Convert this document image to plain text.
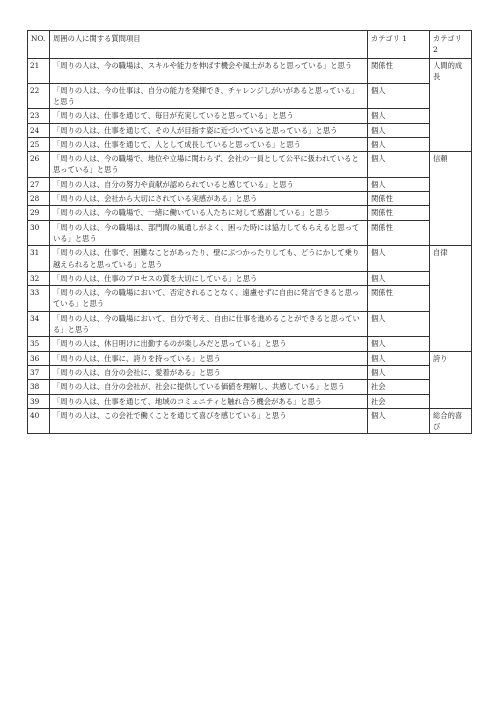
NO.	周囲の人に関する質問項目	カテゴリ 1	カテゴリ 2
21	「周りの人は、今の職場は、スキルや能力を伸ばす機会や風土があると思っている」と思う	関係性	人間的成長
22	「周りの人は、今の仕事は、自分の能力を発揮でき、チャレンジしがいがあると思っている」と思う	個人	
23	「周りの人は、仕事を通じて、毎日が充実していると思っている」と思う	個人	
24	「周りの人は、仕事を通じて、その人が目指す姿に近づいていると思っている」と思う	個人	
25	「周りの人は、仕事を通じて、人として成長していると思っている」と思う	個人	
26	「周りの人は、今の職場で、地位や立場に関わらず、会社の一員として公平に扱われていると思っている」と思う	個人	信頼
27	「周りの人は、自分の努力や貢献が認められていると感じている」と思う	個人	
28	「周りの人は、会社から大切にされている実感がある」と思う	関係性	
29	「周りの人は、今の職場で、一緒に働いている人たちに対して感謝している」と思う	関係性	
30	「周りの人は、今の職場は、部門間の風通しがよく、困った時には協力してもらえると思っている」と思う	関係性	
31	「周りの人は、仕事で、困難なことがあったり、壁にぶつかったりしても、どうにかして乗り越えられると思っている」と思う	個人	自律
32	「周りの人は、仕事のプロセスの質を大切にしている」と思う	個人	
33	「周りの人は、今の職場において、否定されることなく、遠慮せずに自由に発言できると思っている」と思う	関係性	
34	「周りの人は、今の職場において、自分で考え、自由に仕事を進めることができると思っている」と思う	個人	
35	「周りの人は、休日明けに出勤するのが楽しみだと思っている」と思う	個人	
36	「周りの人は、仕事に、誇りを持っている」と思う	個人	誇り
37	「周りの人は、自分の会社に、愛着がある」と思う	個人	
38	「周りの人は、自分の会社が、社会に提供している価値を理解し、共感している」と思う	社会	
39	「周りの人は、仕事を通じて、地域のコミュニティと触れ合う機会がある」と思う	社会	
40	「周りの人は、この会社で働くことを通じて喜びを感じている」と思う	個人	総合的喜び
